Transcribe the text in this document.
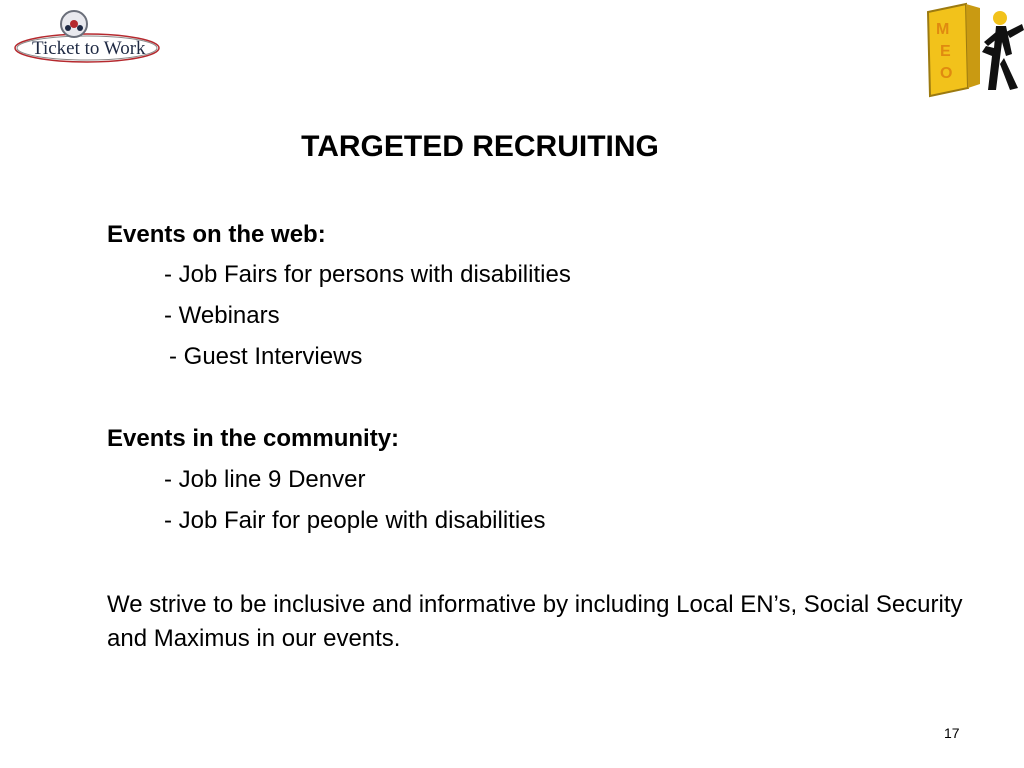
Ticket to Work
M
E
O
TARGETED RECRUITING
Events on the web:
- Job Fairs for persons with disabilities
- Webinars
- Guest Interviews
Events in the community:
- Job line 9 Denver
- Job Fair for people with disabilities
We strive to be inclusive and informative by including Local EN’s, Social Security and Maximus in our events.
17
